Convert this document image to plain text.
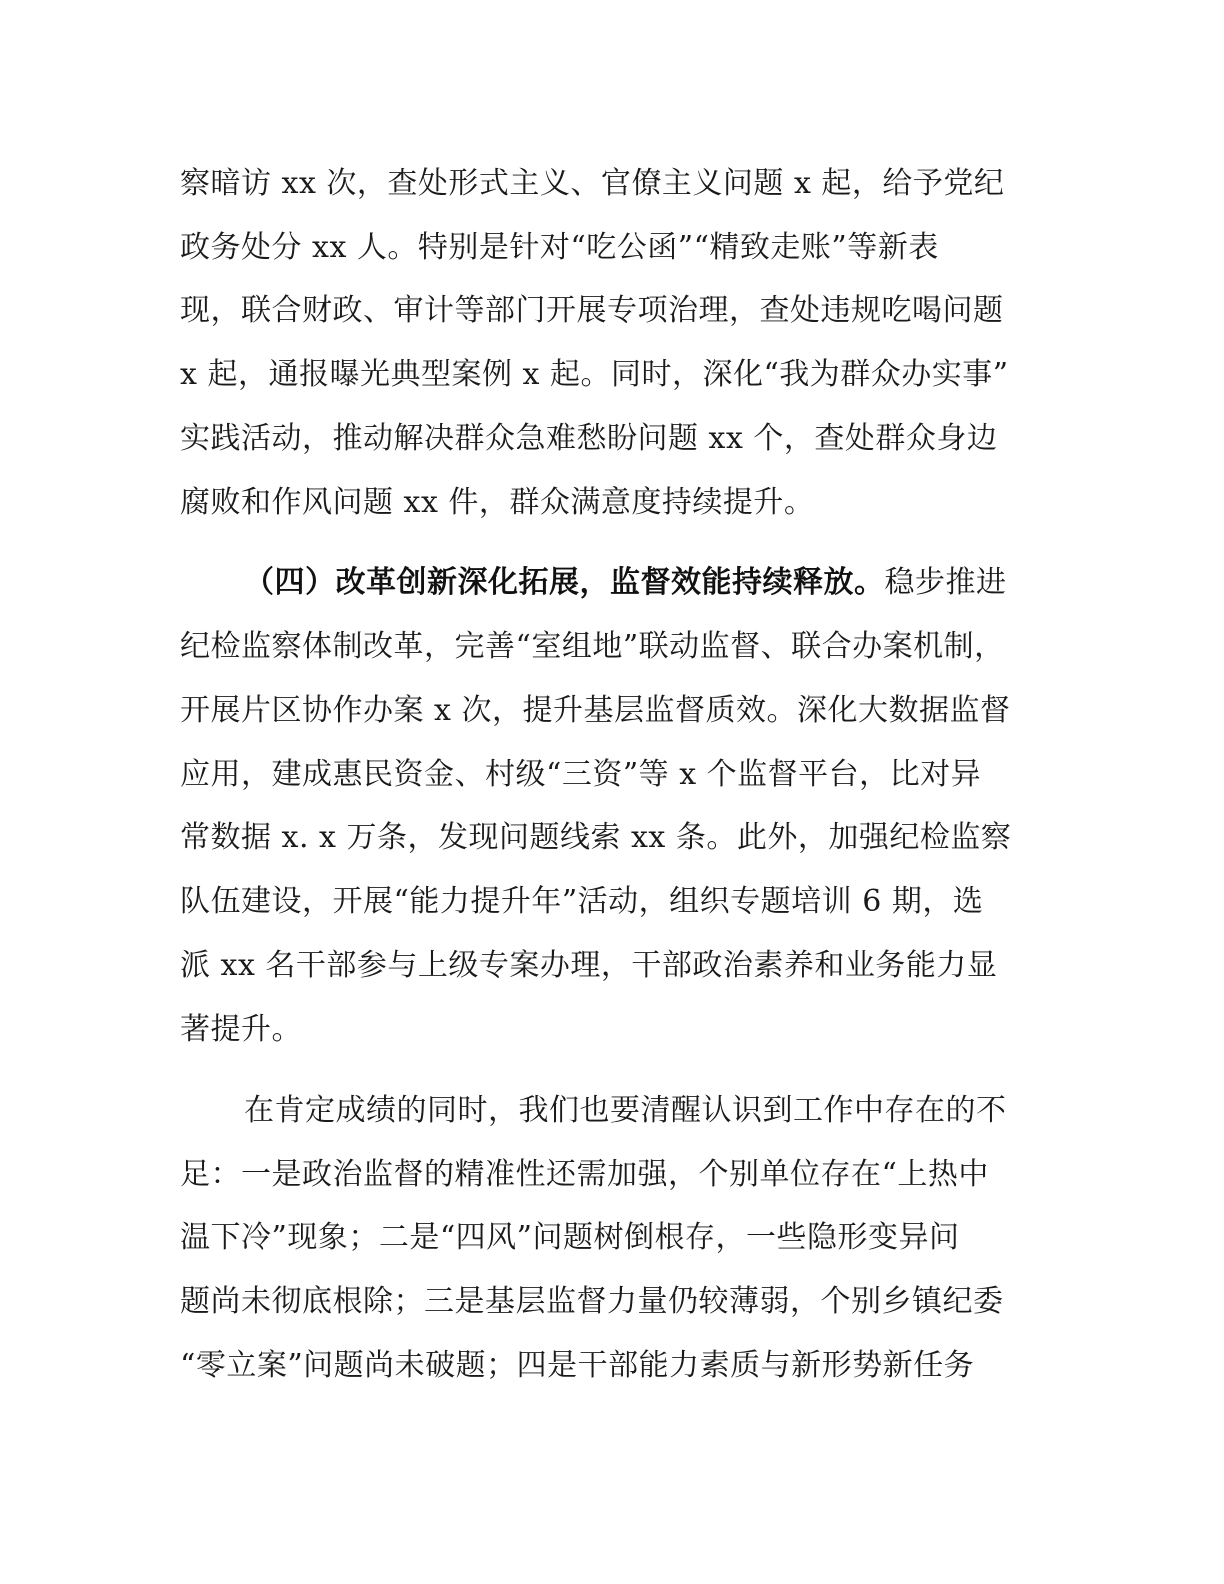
察暗访 xx 次，查处形式主义、官僚主义问题 x 起，给予党纪
政务处分 xx 人。特别是针对“吃公函”“精致走账”等新表
现，联合财政、审计等部门开展专项治理，查处违规吃喝问题
x 起，通报曝光典型案例 x 起。同时，深化“我为群众办实事”
实践活动，推动解决群众急难愁盼问题 xx 个，查处群众身边
腐败和作风问题 xx 件，群众满意度持续提升。
（四）改革创新深化拓展，监督效能持续释放。稳步推进
纪检监察体制改革，完善“室组地”联动监督、联合办案机制，
开展片区协作办案 x 次，提升基层监督质效。深化大数据监督
应用，建成惠民资金、村级“三资”等 x 个监督平台，比对异
常数据 x. x 万条，发现问题线索 xx 条。此外，加强纪检监察
队伍建设，开展“能力提升年”活动，组织专题培训 6 期，选
派 xx 名干部参与上级专案办理，干部政治素养和业务能力显
著提升。
在肯定成绩的同时，我们也要清醒认识到工作中存在的不
足：一是政治监督的精准性还需加强，个别单位存在“上热中
温下冷”现象；二是“四风”问题树倒根存，一些隐形变异问
题尚未彻底根除；三是基层监督力量仍较薄弱，个别乡镇纪委
“零立案”问题尚未破题；四是干部能力素质与新形势新任务
